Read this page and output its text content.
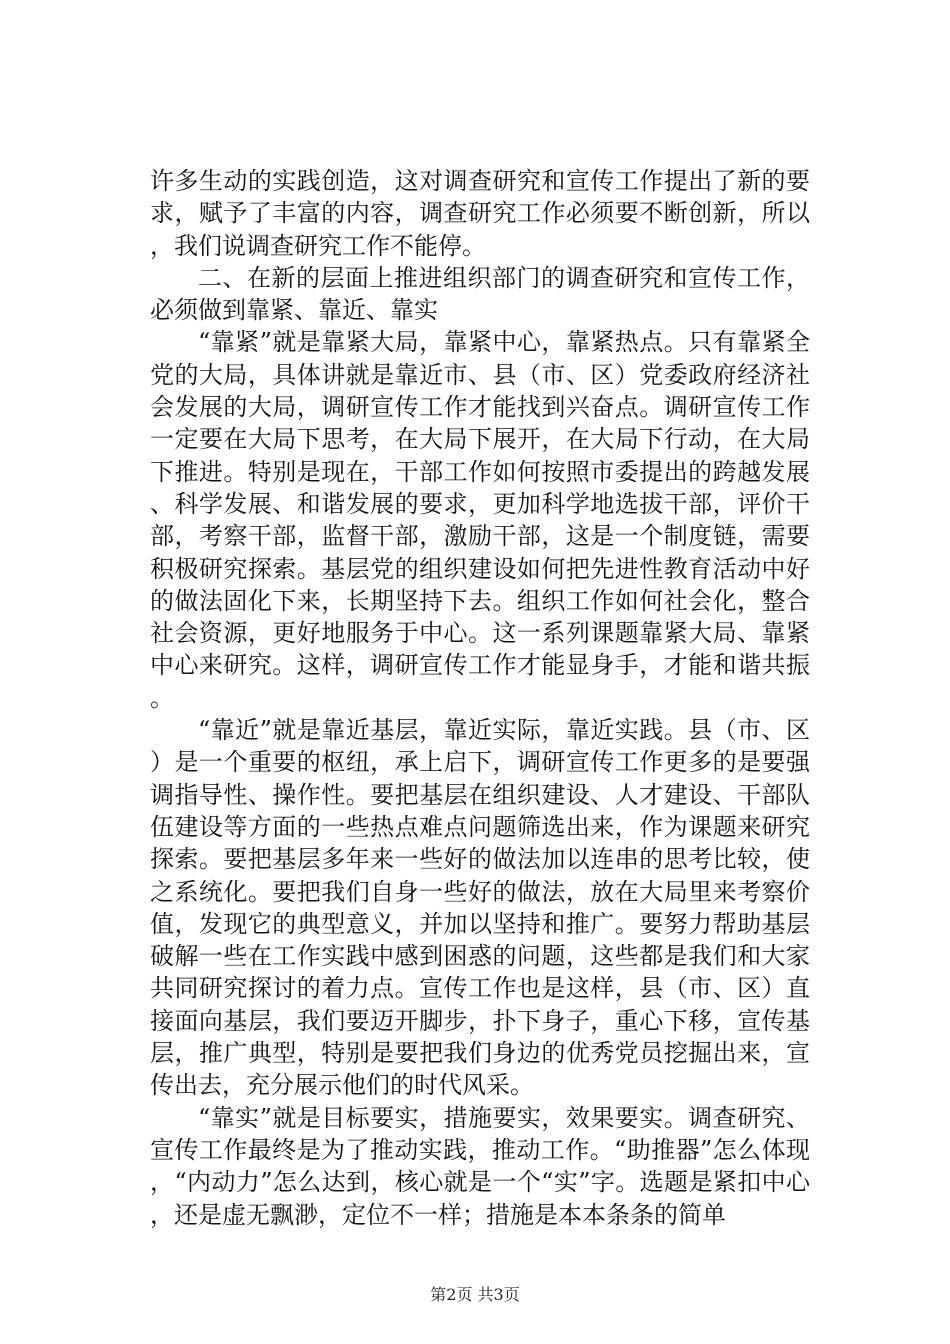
许多生动的实践创造，这对调查研究和宣传工作提出了新的要求，赋予了丰富的内容，调查研究工作必须要不断创新，所以，我们说调查研究工作不能停。

二、在新的层面上推进组织部门的调查研究和宣传工作，必须做到靠紧、靠近、靠实

“靠紧”就是靠紧大局，靠紧中心，靠紧热点。只有靠紧全党的大局，具体讲就是靠近市、县（市、区）党委政府经济社会发展的大局，调研宣传工作才能找到兴奋点。调研宣传工作一定要在大局下思考，在大局下展开，在大局下行动，在大局下推进。特别是现在，干部工作如何按照市委提出的跨越发展、科学发展、和谐发展的要求，更加科学地选拔干部，评价干部，考察干部，监督干部，激励干部，这是一个制度链，需要积极研究探索。基层党的组织建设如何把先进性教育活动中好的做法固化下来，长期坚持下去。组织工作如何社会化，整合社会资源，更好地服务于中心。这一系列课题靠紧大局、靠紧中心来研究。这样，调研宣传工作才能显身手，才能和谐共振。

“靠近”就是靠近基层，靠近实际，靠近实践。县（市、区）是一个重要的枢纽，承上启下，调研宣传工作更多的是要强调指导性、操作性。要把基层在组织建设、人才建设、干部队伍建设等方面的一些热点难点问题筛选出来，作为课题来研究探索。要把基层多年来一些好的做法加以连串的思考比较，使之系统化。要把我们自身一些好的做法，放在大局里来考察价值，发现它的典型意义，并加以坚持和推广。要努力帮助基层破解一些在工作实践中感到困惑的问题，这些都是我们和大家共同研究探讨的着力点。宣传工作也是这样，县（市、区）直接面向基层，我们要迈开脚步，扑下身子，重心下移，宣传基层，推广典型，特别是要把我们身边的优秀党员挖掘出来，宣传出去，充分展示他们的时代风采。

“靠实”就是目标要实，措施要实，效果要实。调查研究、宣传工作最终是为了推动实践，推动工作。“助推器”怎么体现，“内动力”怎么达到，核心就是一个“实”字。选题是紧扣中心，还是虚无飘渺，定位不一样；措施是本本条条的简单

第2页 共3页
